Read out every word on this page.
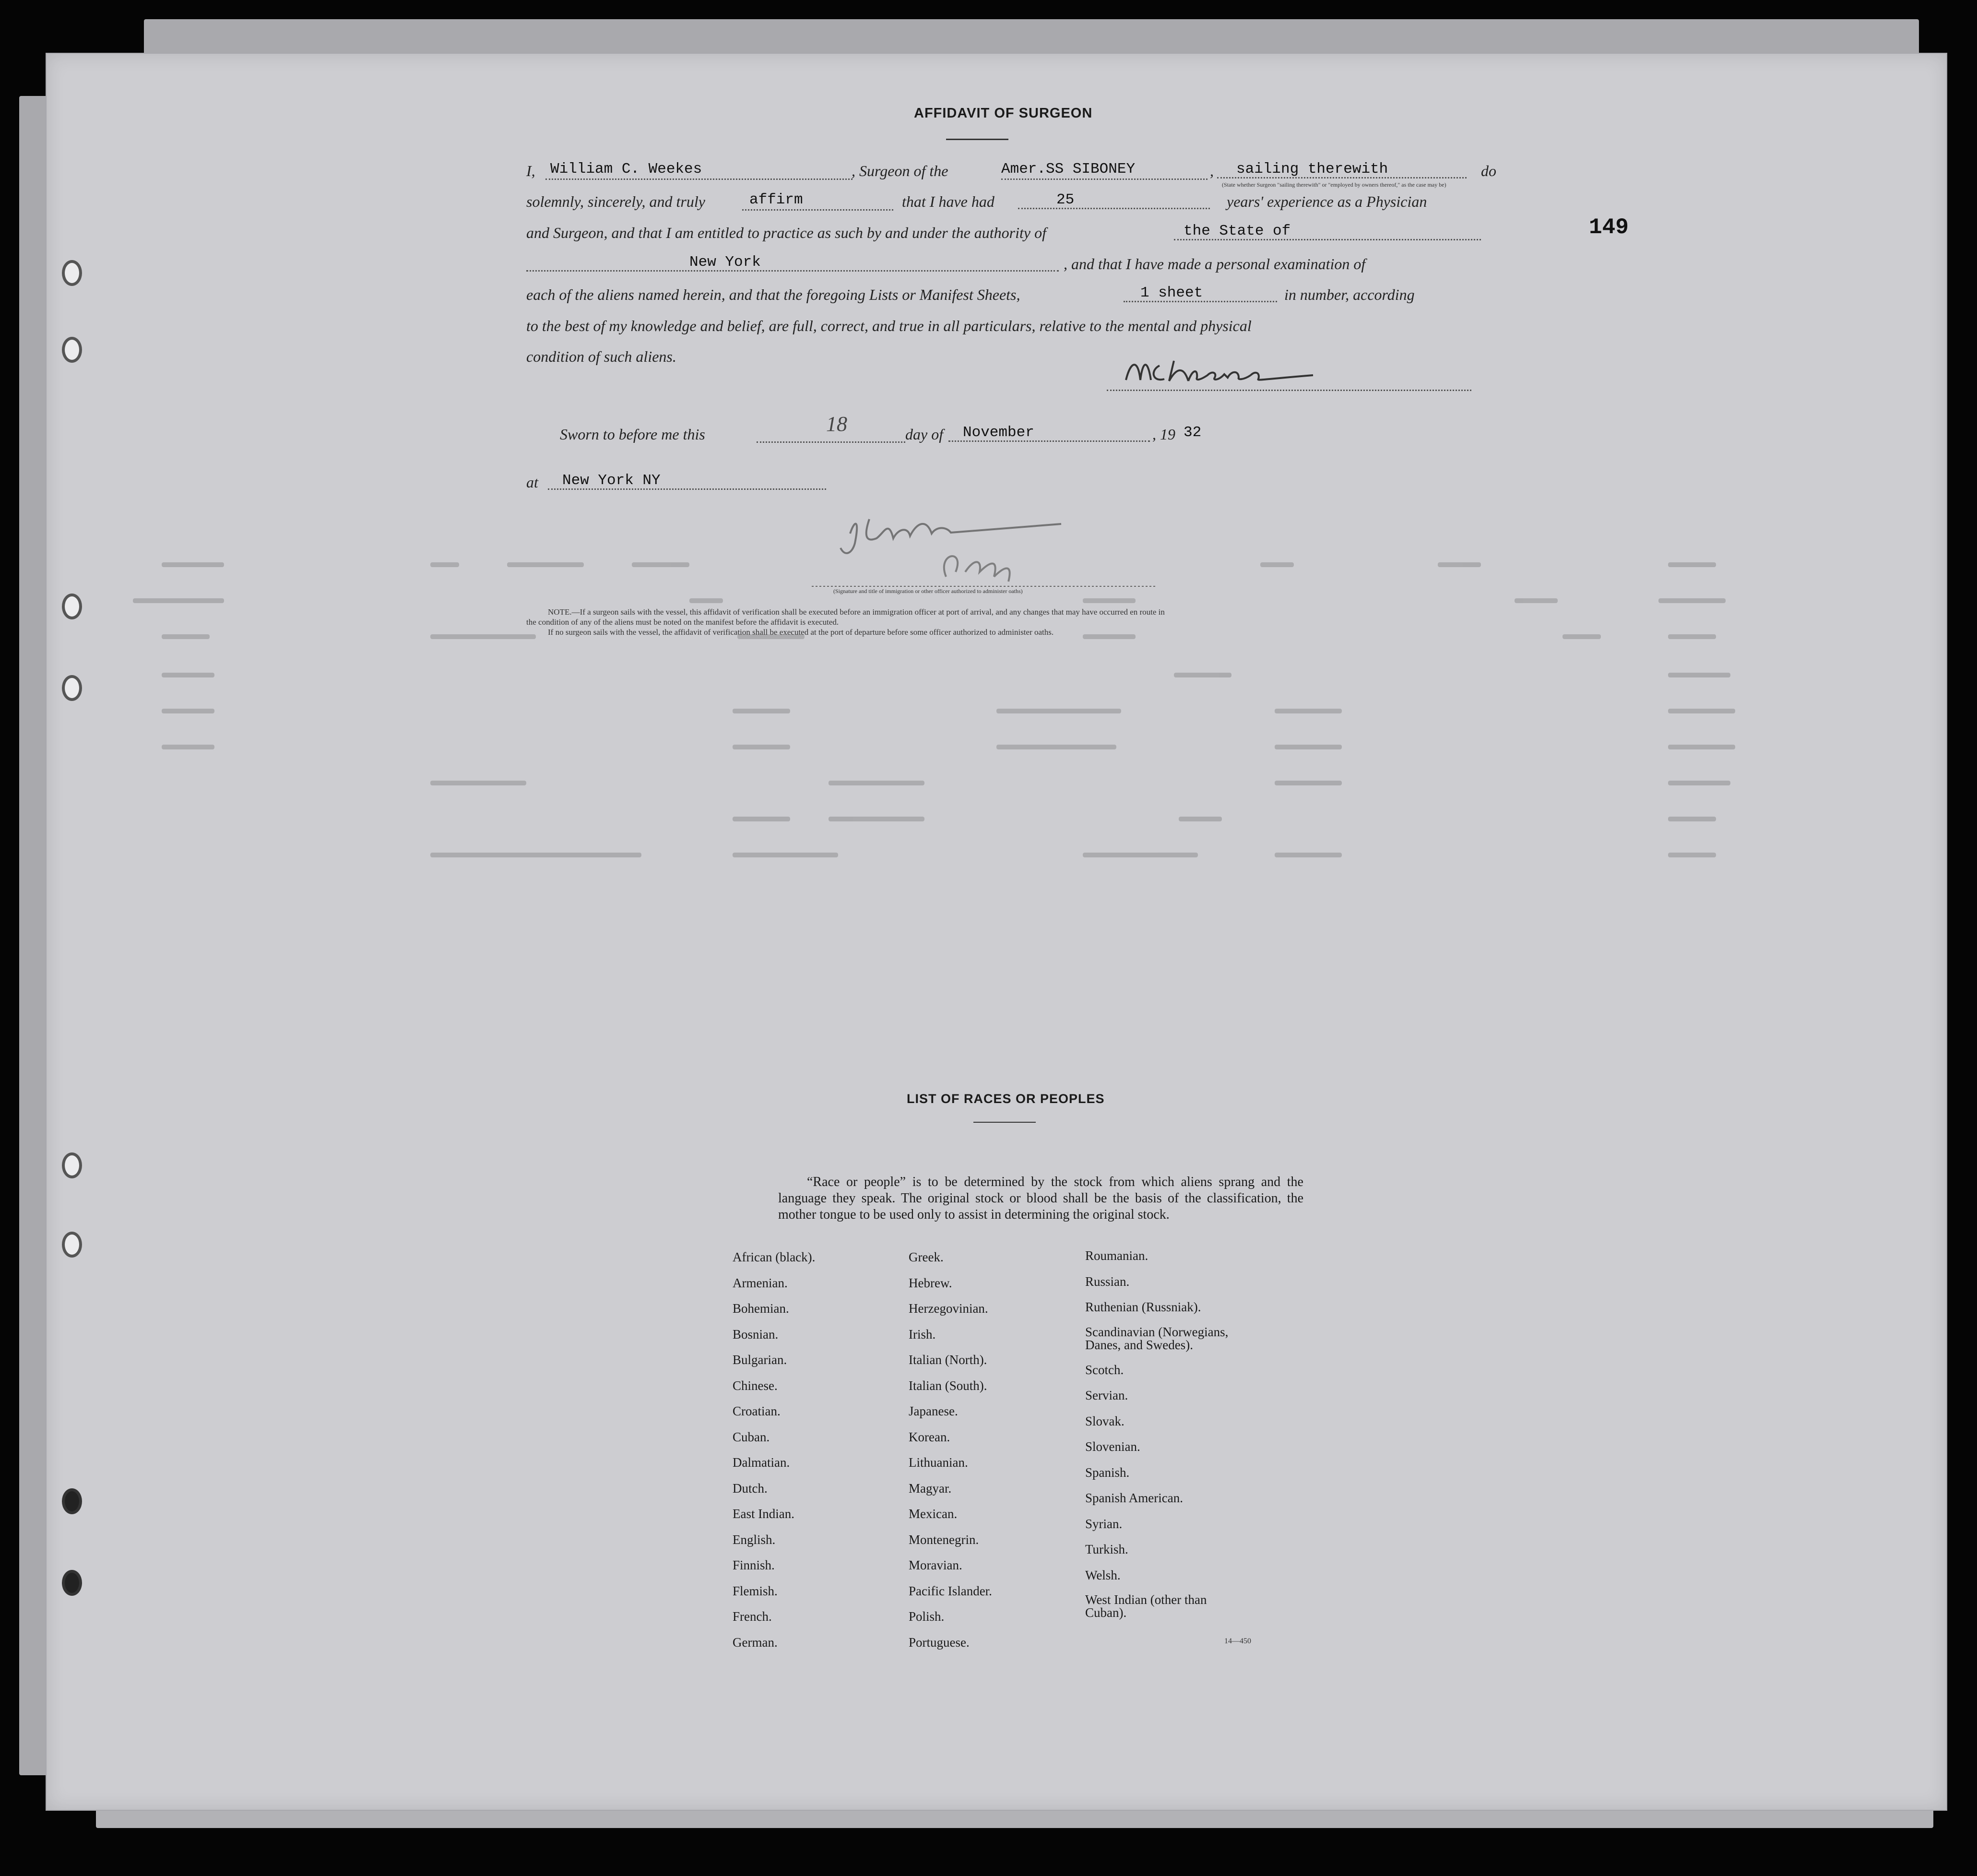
AFFIDAVIT OF SURGEON
I,	William C. Weekes	, Surgeon of the	Amer.SS SIBONEY	,	sailing therewith	do
(State whether Surgeon "sailing therewith" or "employed by owners thereof," as the case may be)
solemnly, sincerely, and truly	affirm	that I have had	25	years' experience as a Physician
and Surgeon, and that I am entitled to practice as such by and under the authority of	the State of	149
New York	, and that I have made a personal examination of
each of the aliens named herein, and that the foregoing Lists or Manifest Sheets,	1 sheet	in number, according
to the best of my knowledge and belief, are full, correct, and true in all particulars, relative to the mental and physical
condition of such aliens.
Sworn to before me this	18	day of	November	, 19 32
at	New York NY
(Signature and title of immigration or other officer authorized to administer oaths)
NOTE.—If a surgeon sails with the vessel, this affidavit of verification shall be executed before an immigration officer at port of arrival, and any changes that may have occurred en route in
the condition of any of the aliens must be noted on the manifest before the affidavit is executed.
If no surgeon sails with the vessel, the affidavit of verification shall be executed at the port of departure before some officer authorized to administer oaths.
LIST OF RACES OR PEOPLES
“Race or people” is to be determined by the stock from which aliens sprang and the language they speak. The original stock or blood shall be the basis of the classification, the mother tongue to be used only to assist in determining the original stock.
African (black).
Armenian.
Bohemian.
Bosnian.
Bulgarian.
Chinese.
Croatian.
Cuban.
Dalmatian.
Dutch.
East Indian.
English.
Finnish.
Flemish.
French.
German.
Greek.
Hebrew.
Herzegovinian.
Irish.
Italian (North).
Italian (South).
Japanese.
Korean.
Lithuanian.
Magyar.
Mexican.
Montenegrin.
Moravian.
Pacific Islander.
Polish.
Portuguese.
Roumanian.
Russian.
Ruthenian (Russniak).
Scandinavian (Norwegians, Danes, and Swedes).
Scotch.
Servian.
Slovak.
Slovenian.
Spanish.
Spanish American.
Syrian.
Turkish.
Welsh.
West Indian (other than Cuban).
14—450
